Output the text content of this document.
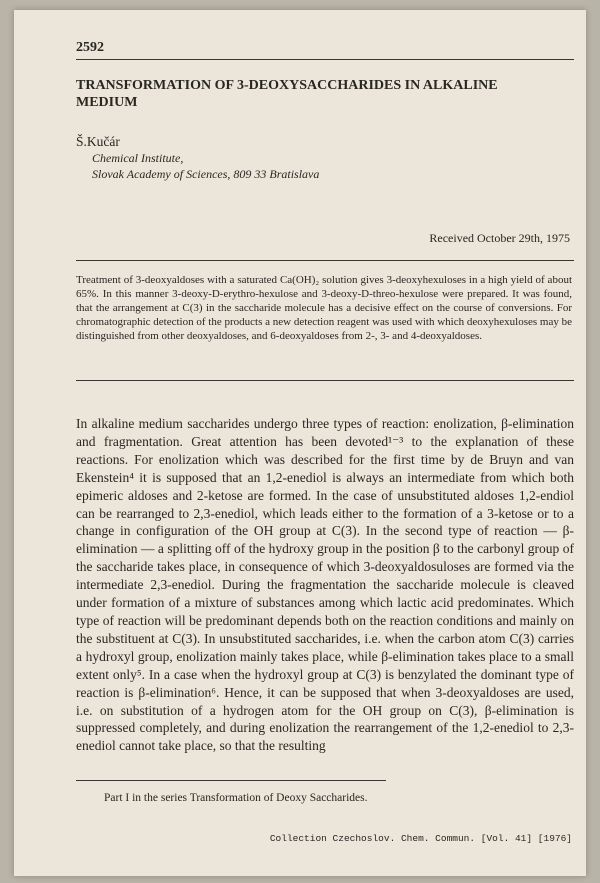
2592
TRANSFORMATION OF 3-DEOXYSACCHARIDES IN ALKALINE MEDIUM
Š.Kučár
Chemical Institute,
Slovak Academy of Sciences, 809 33 Bratislava
Received October 29th, 1975

Treatment of 3-deoxyaldoses with a saturated Ca(OH)₂ solution gives 3-deoxyhexuloses in a high yield of about 65%. In this manner 3-deoxy-D-erythro-hexulose and 3-deoxy-D-threo-hexulose were prepared. It was found, that the arrangement at C(3) in the saccharide molecule has a decisive effect on the course of conversions. For chromatographic detection of the products a new detection reagent was used with which deoxyhexuloses may be distinguished from other deoxyaldoses, and 6-deoxyaldoses from 2-, 3- and 4-deoxyaldoses.

In alkaline medium saccharides undergo three types of reaction: enolization, β-elimination and fragmentation. Great attention has been devoted¹⁻³ to the explanation of these reactions. For enolization which was described for the first time by de Bruyn and van Ekenstein⁴ it is supposed that an 1,2-enediol is always an intermediate from which both epimeric aldoses and 2-ketose are formed. In the case of unsubstituted aldoses 1,2-endiol can be rearranged to 2,3-enediol, which leads either to the formation of a 3-ketose or to a change in configuration of the OH group at C(3). In the second type of reaction — β-elimination — a splitting off of the hydroxy group in the position β to the carbonyl group of the saccharide takes place, in consequence of which 3-deoxyaldosuloses are formed via the intermediate 2,3-enediol. During the fragmentation the saccharide molecule is cleaved under formation of a mixture of substances among which lactic acid predominates. Which type of reaction will be predominant depends both on the reaction conditions and mainly on the substituent at C(3). In unsubstituted saccharides, i.e. when the carbon atom C(3) carries a hydroxyl group, enolization mainly takes place, while β-elimination takes place to a small extent only⁵. In a case when the hydroxyl group at C(3) is benzylated the dominant type of reaction is β-elimination⁶. Hence, it can be supposed that when 3-deoxyaldoses are used, i.e. on substitution of a hydrogen atom for the OH group on C(3), β-elimination is suppressed completely, and during enolization the rearrangement of the 1,2-enediol to 2,3-enediol cannot take place, so that the resulting

Part I in the series Transformation of Deoxy Saccharides.
Collection Czechoslov. Chem. Commun. [Vol. 41] [1976]
